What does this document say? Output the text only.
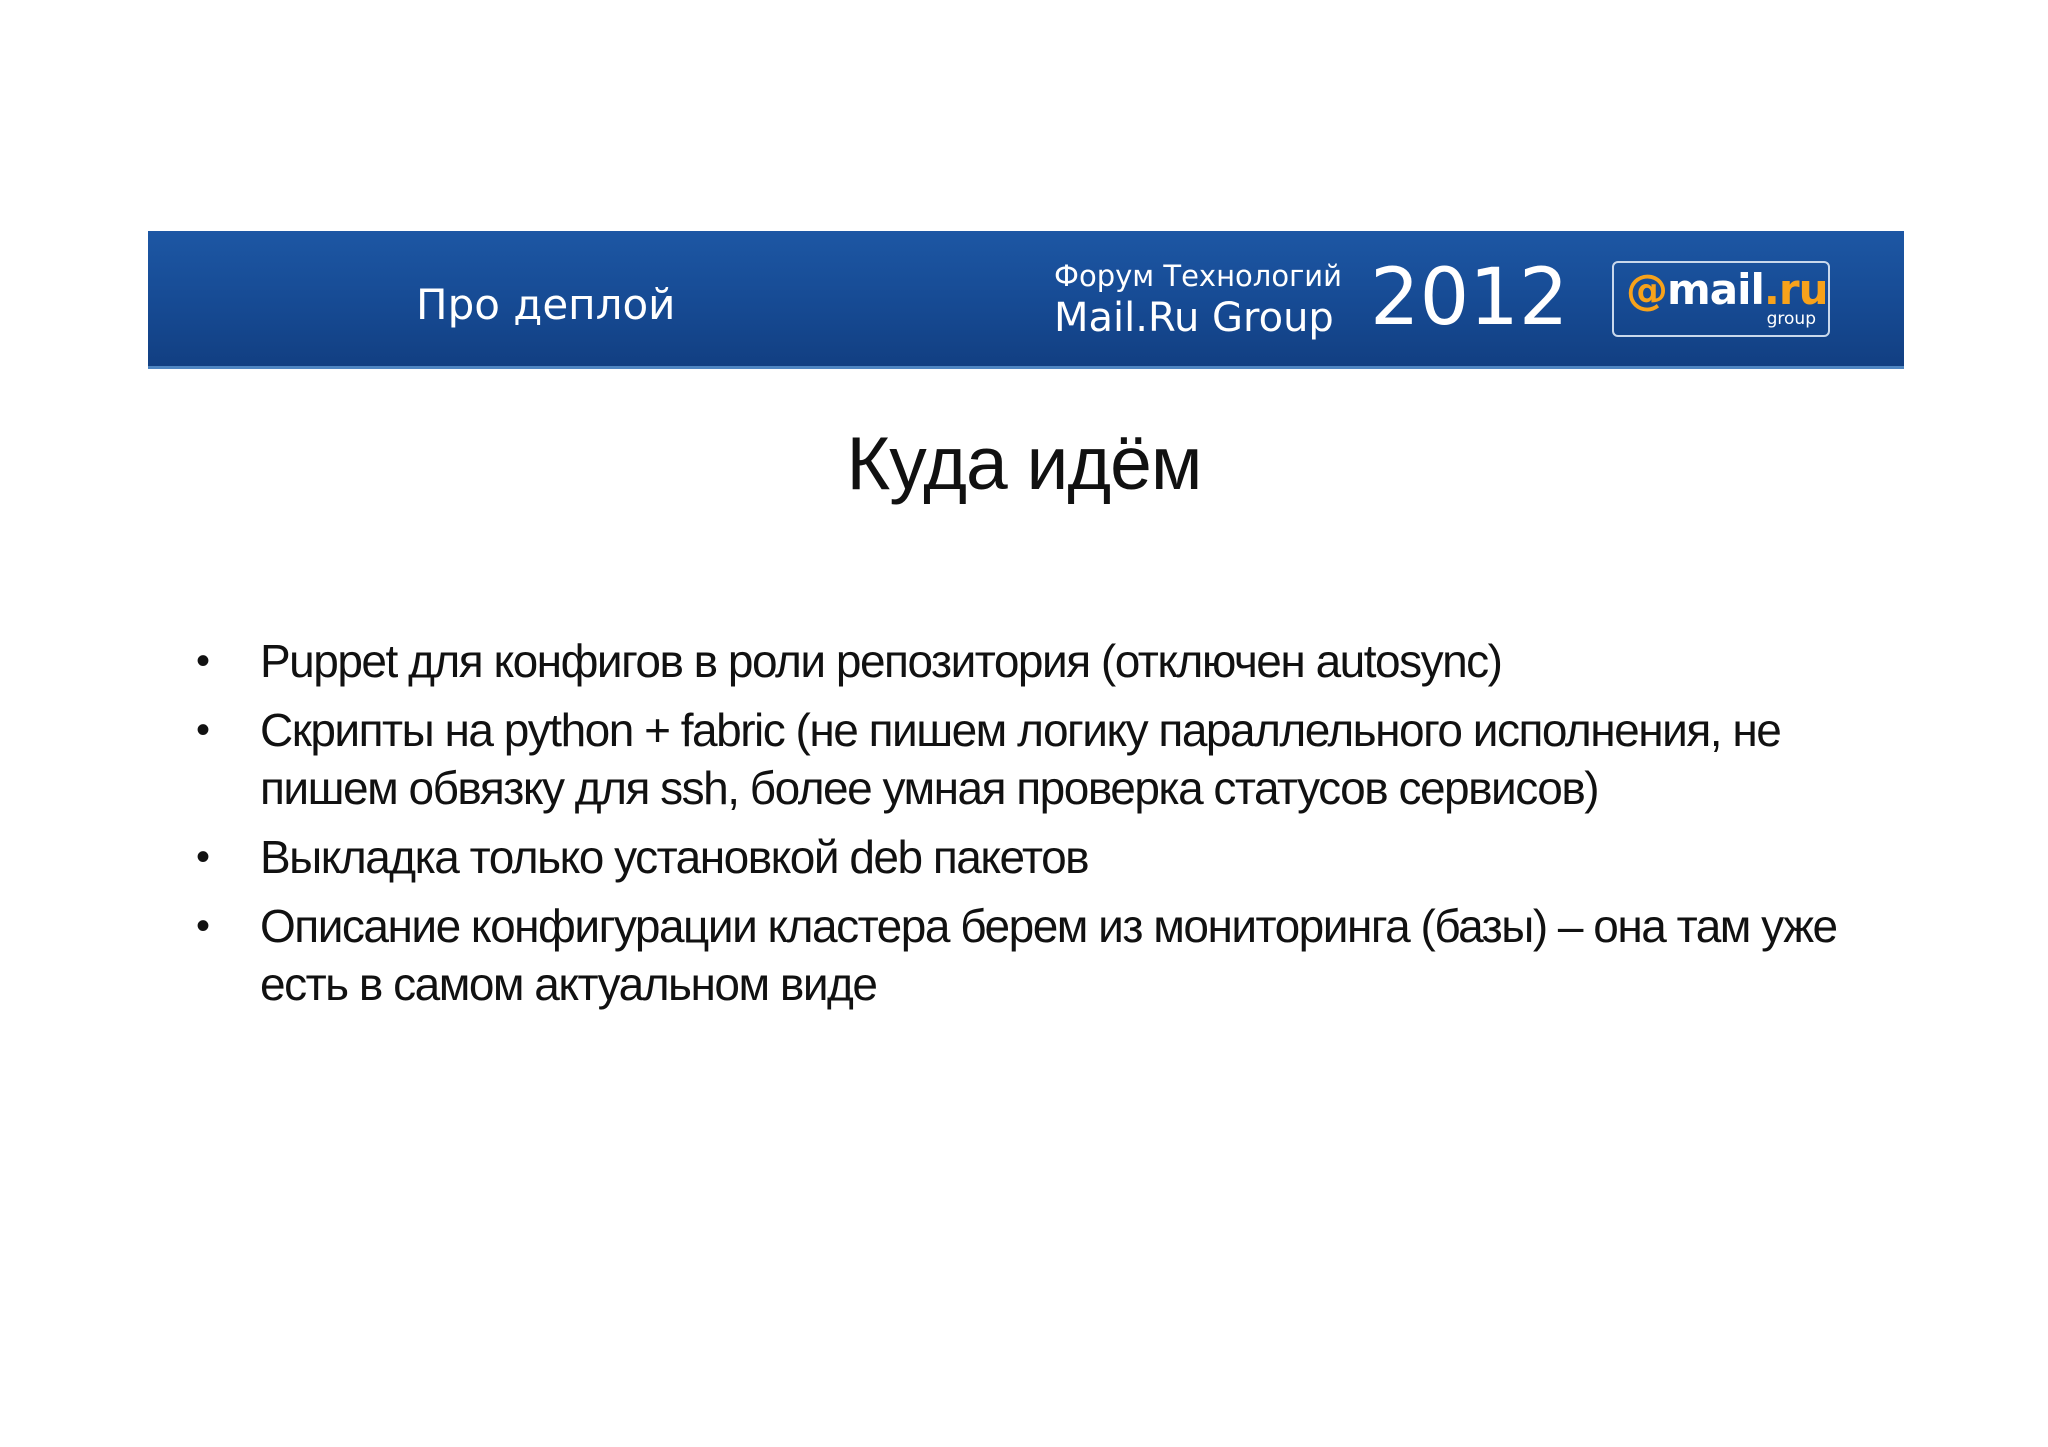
Про деплой
Форум Технологий
Mail.Ru Group 2012 @mail.ru
group
Куда идём
•	Puppet для конфигов в роли репозитория (отключен autosync)
•	Скрипты на python + fabric (не пишем логику параллельного исполнения, не пишем обвязку для ssh, более умная проверка статусов сервисов)
•	Выкладка только установкой deb пакетов
•	Описание конфигурации кластера берем из мониторинга (базы) – она там уже есть в самом актуальном виде
